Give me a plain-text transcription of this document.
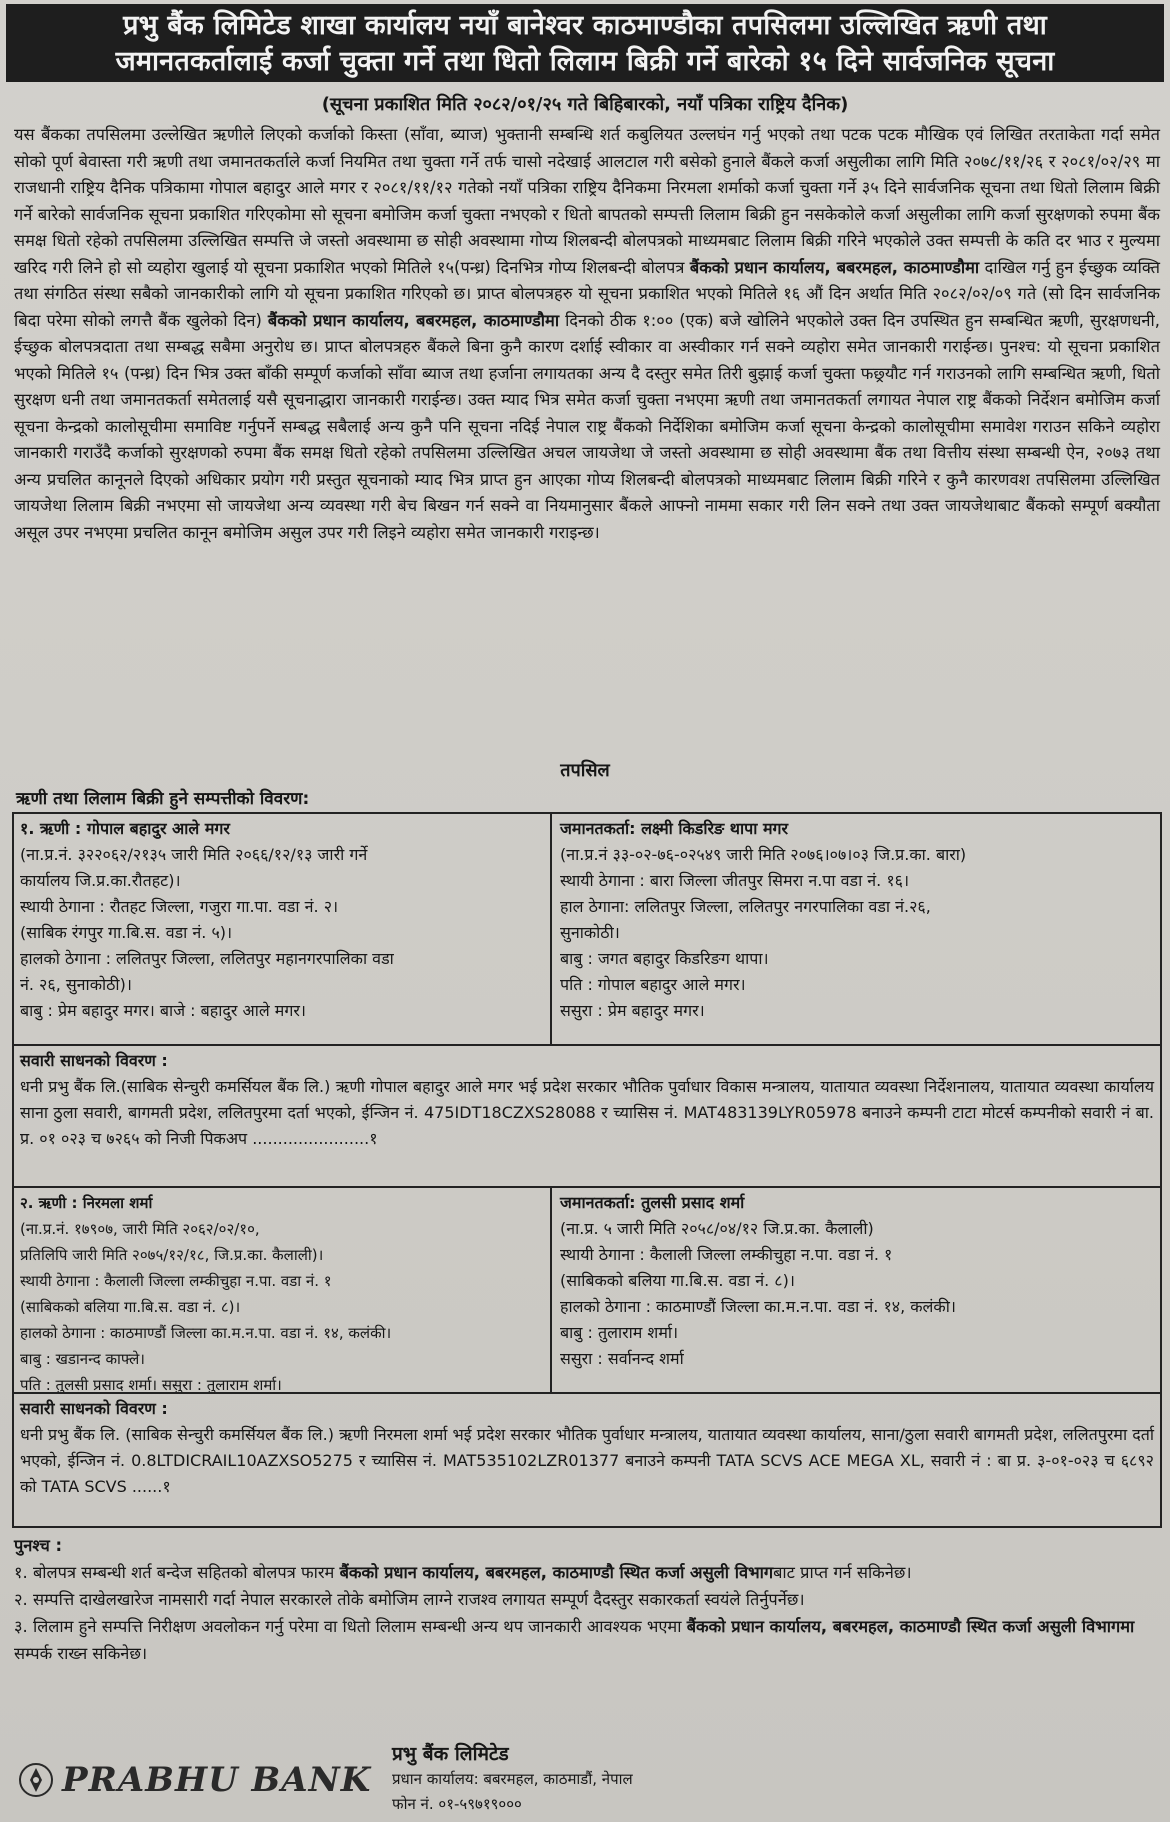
प्रभु बैंक लिमिटेड शाखा कार्यालय नयाँ बानेश्वर काठमाण्डौका तपसिलमा उल्लिखित ऋणी तथा
जमानतकर्तालाई कर्जा चुक्ता गर्ने तथा धितो लिलाम बिक्री गर्ने बारेको १५ दिने सार्वजनिक सूचना
(सूचना प्रकाशित मिति २०८२/०१/२५ गते बिहिबारको, नयाँ पत्रिका राष्ट्रिय दैनिक)
यस बैंकका तपसिलमा उल्लेखित ऋणीले लिएको कर्जाको किस्ता (साँवा, ब्याज) भुक्तानी सम्बन्धि शर्त कबुलियत उल्लघंन गर्नु भएको तथा पटक पटक मौखिक एवं लिखित तरताकेता गर्दा समेत सोको पूर्ण बेवास्ता गरी ऋणी तथा जमानतकर्ताले कर्जा नियमित तथा चुक्ता गर्ने तर्फ चासो नदेखाई आलटाल गरी बसेको हुनाले बैंकले कर्जा असुलीका लागि मिति २०७८/११/२६ र २०८१/०२/२९ मा राजधानी राष्ट्रिय दैनिक पत्रिकामा गोपाल बहादुर आले मगर र २०८१/११/१२ गतेको नयाँ पत्रिका राष्ट्रिय दैनिकमा निरमला शर्माको कर्जा चुक्ता गर्ने ३५ दिने सार्वजनिक सूचना तथा धितो लिलाम बिक्री गर्ने बारेको सार्वजनिक सूचना प्रकाशित गरिएकोमा सो सूचना बमोजिम कर्जा चुक्ता नभएको र धितो बापतको सम्पत्ती लिलाम बिक्री हुन नसकेकोले कर्जा असुलीका लागि कर्जा सुरक्षणको रुपमा बैंक समक्ष धितो रहेको तपसिलमा उल्लिखित सम्पत्ति जे जस्तो अवस्थामा छ सोही अवस्थामा गोप्य शिलबन्दी बोलपत्रको माध्यमबाट लिलाम बिक्री गरिने भएकोले उक्त सम्पत्ती के कति दर भाउ र मुल्यमा खरिद गरी लिने हो सो व्यहोरा खुलाई यो सूचना प्रकाशित भएको मितिले १५(पन्ध्र) दिनभित्र गोप्य शिलबन्दी बोलपत्र बैंकको प्रधान कार्यालय, बबरमहल, काठमाण्डौमा दाखिल गर्नु हुन ईच्छुक व्यक्ति तथा संगठित संस्था सबैको जानकारीको लागि यो सूचना प्रकाशित गरिएको छ। प्राप्त बोलपत्रहरु यो सूचना प्रकाशित भएको मितिले १६ औं दिन अर्थात मिति २०८२/०२/०९ गते (सो दिन सार्वजनिक बिदा परेमा सोको लगत्तै बैंक खुलेको दिन) बैंकको प्रधान कार्यालय, बबरमहल, काठमाण्डौमा दिनको ठीक १:०० (एक) बजे खोलिने भएकोले उक्त दिन उपस्थित हुन सम्बन्धित ऋणी, सुरक्षणधनी, ईच्छुक बोलपत्रदाता तथा सम्बद्ध सबैमा अनुरोध छ। प्राप्त बोलपत्रहरु बैंकले बिना कुनै कारण दर्शाई स्वीकार वा अस्वीकार गर्न सक्ने व्यहोरा समेत जानकारी गराईन्छ। पुनश्च: यो सूचना प्रकाशित भएको मितिले १५ (पन्ध्र) दिन भित्र उक्त बाँकी सम्पूर्ण कर्जाको साँवा ब्याज तथा हर्जाना लगायतका अन्य दै दस्तुर समेत तिरी बुझाई कर्जा चुक्ता फछ्र्यौट गर्न गराउनको लागि सम्बन्धित ऋणी, धितो सुरक्षण धनी तथा जमानतकर्ता समेतलाई यसै सूचनाद्धारा जानकारी गराईन्छ। उक्त म्याद भित्र समेत कर्जा चुक्ता नभएमा ऋणी तथा जमानतकर्ता लगायत नेपाल राष्ट्र बैंकको निर्देशन बमोजिम कर्जा सूचना केन्द्रको कालोसूचीमा समाविष्ट गर्नुपर्ने सम्बद्ध सबैलाई अन्य कुनै पनि सूचना नदिई नेपाल राष्ट्र बैंकको निर्देशिका बमोजिम कर्जा सूचना केन्द्रको कालोसूचीमा समावेश गराउन सकिने व्यहोरा जानकारी गराउँदै कर्जाको सुरक्षणको रुपमा बैंक समक्ष धितो रहेको तपसिलमा उल्लिखित अचल जायजेथा जे जस्तो अवस्थामा छ सोही अवस्थामा बैंक तथा वित्तीय संस्था सम्बन्धी ऐन, २०७३ तथा अन्य प्रचलित कानूनले दिएको अधिकार प्रयोग गरी प्रस्तुत सूचनाको म्याद भित्र प्राप्त हुन आएका गोप्य शिलबन्दी बोलपत्रको माध्यमबाट लिलाम बिक्री गरिने र कुनै कारणवश तपसिलमा उल्लिखित जायजेथा लिलाम बिक्री नभएमा सो जायजेथा अन्य व्यवस्था गरी बेच बिखन गर्न सक्ने वा नियमानुसार बैंकले आफ्नो नाममा सकार गरी लिन सक्ने तथा उक्त जायजेथाबाट बैंकको सम्पूर्ण बक्यौता असूल उपर नभएमा प्रचलित कानून बमोजिम असुल उपर गरी लिइने व्यहोरा समेत जानकारी गराइन्छ।
तपसिल
ऋणी तथा लिलाम बिक्री हुने सम्पत्तीको विवरण:
१. ऋणी : गोपाल बहादुर आले मगर
(ना.प्र.नं. ३२२०६२/२१३५ जारी मिति २०६६/१२/१३ जारी गर्ने
कार्यालय जि.प्र.का.रौतहट)।
स्थायी ठेगाना : रौतहट जिल्ला, गजुरा गा.पा. वडा नं. २।
(साबिक रंगपुर गा.बि.स. वडा नं. ५)।
हालको ठेगाना : ललितपुर जिल्ला, ललितपुर महानगरपालिका वडा
नं. २६, सुनाकोठी)।
बाबु : प्रेम बहादुर मगर। बाजे : बहादुर आले मगर।
जमानतकर्ता: लक्ष्मी किडरिङ थापा मगर
(ना.प्र.नं ३३-०२-७६-०२५४९ जारी मिति २०७६।०७।०३ जि.प्र.का. बारा)
स्थायी ठेगाना : बारा जिल्ला जीतपुर सिमरा न.पा वडा नं. १६।
हाल ठेगाना: ललितपुर जिल्ला, ललितपुर नगरपालिका वडा नं.२६,
सुनाकोठी।
बाबु : जगत बहादुर किडरिङग थापा।
पति : गोपाल बहादुर आले मगर।
ससुरा : प्रेम बहादुर मगर।
सवारी साधनको विवरण :
धनी प्रभु बैंक लि.(साबिक सेन्चुरी कमर्सियल बैंक लि.) ऋणी गोपाल बहादुर आले मगर भई प्रदेश सरकार भौतिक पुर्वाधार विकास मन्त्रालय, यातायात व्यवस्था निर्देशनालय, यातायात व्यवस्था कार्यालय साना ठुला सवारी, बागमती प्रदेश, ललितपुरमा दर्ता भएको, ईन्जिन नं. 475IDT18CZXS28088 र च्यासिस नं. MAT483139LYR05978 बनाउने कम्पनी टाटा मोटर्स कम्पनीको सवारी नं बा. प्र. ०१ ०२३ च ७२६५ को निजी पिकअप .......................१
२. ऋणी : निरमला शर्मा
(ना.प्र.नं. १७९०७, जारी मिति २०६२/०२/१०,
प्रतिलिपि जारी मिति २०७५/१२/१८, जि.प्र.का. कैलाली)।
स्थायी ठेगाना : कैलाली जिल्ला लम्कीचुहा न.पा. वडा नं. १
(साबिकको बलिया गा.बि.स. वडा नं. ८)।
हालको ठेगाना : काठमाण्डौं जिल्ला का.म.न.पा. वडा नं. १४, कलंकी।
बाबु : खडानन्द काफ्ले।
पति : तुलसी प्रसाद शर्मा। ससुरा : तुलाराम शर्मा।
जमानतकर्ता: तुलसी प्रसाद शर्मा
(ना.प्र. ५ जारी मिति २०५८/०४/१२ जि.प्र.का. कैलाली)
स्थायी ठेगाना : कैलाली जिल्ला लम्कीचुहा न.पा. वडा नं. १
(साबिकको बलिया गा.बि.स. वडा नं. ८)।
हालको ठेगाना : काठमाण्डौं जिल्ला का.म.न.पा. वडा नं. १४, कलंकी।
बाबु : तुलाराम शर्मा।
ससुरा : सर्वानन्द शर्मा
सवारी साधनको विवरण :
धनी प्रभु बैंक लि. (साबिक सेन्चुरी कमर्सियल बैंक लि.) ऋणी निरमला शर्मा भई प्रदेश सरकार भौतिक पुर्वाधार मन्त्रालय, यातायात व्यवस्था कार्यालय, साना/ठुला सवारी बागमती प्रदेश, ललितपुरमा दर्ता भएको, ईन्जिन नं. 0.8LTDICRAIL10AZXSO5275 र च्यासिस नं. MAT535102LZR01377 बनाउने कम्पनी TATA SCVS ACE MEGA XL, सवारी नं : बा प्र. ३-०१-०२३ च ६८९२ को TATA SCVS ......१
पुनश्च :
१. बोलपत्र सम्बन्धी शर्त बन्देज सहितको बोलपत्र फारम बैंकको प्रधान कार्यालय, बबरमहल, काठमाण्डौ स्थित कर्जा असुली विभागबाट प्राप्त गर्न सकिनेछ।
२. सम्पत्ति दाखेलखारेज नामसारी गर्दा नेपाल सरकारले तोके बमोजिम लाग्ने राजश्व लगायत सम्पूर्ण दैदस्तुर सकारकर्ता स्वयंले तिर्नुपर्नेछ।
३. लिलाम हुने सम्पत्ति निरीक्षण अवलोकन गर्नु परेमा वा धितो लिलाम सम्बन्धी अन्य थप जानकारी आवश्यक भएमा बैंकको प्रधान कार्यालय, बबरमहल, काठमाण्डौ स्थित कर्जा असुली विभागमा सम्पर्क राख्न सकिनेछ।
PRABHU BANK
प्रभु बैंक लिमिटेड
प्रधान कार्यालय: बबरमहल, काठमाडौं, नेपाल
फोन नं. ०१-५९७१९०००
